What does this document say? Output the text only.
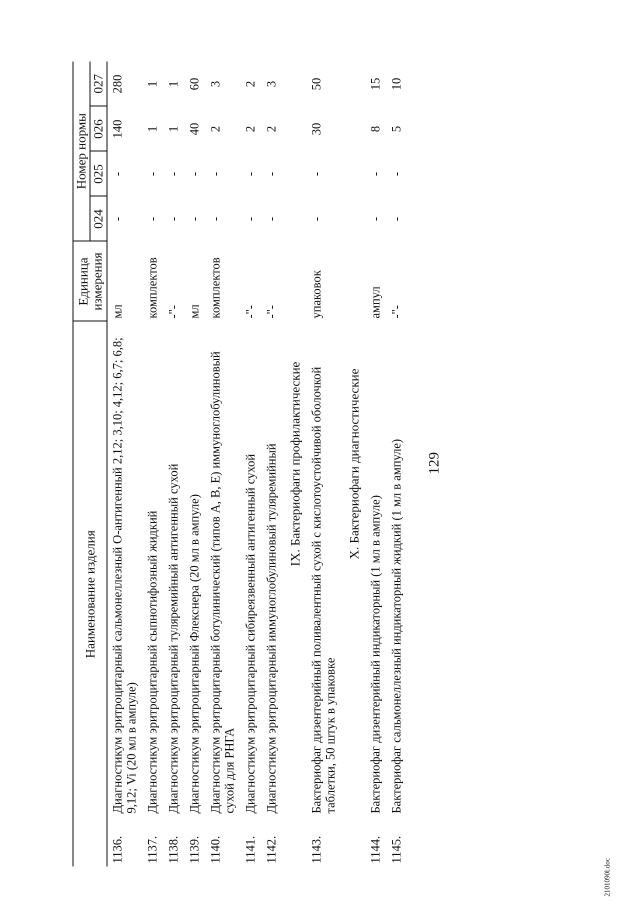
129
Наименование изделия		Единица измерения	Номер нормы			
			024	025	026	027
1136.	Диагностикум эритроцитарный сальмонеллезный О-антигенный 2,12; 3,10; 4,12; 6,7; 6,8; 9,12; Vi (20 мл в ампуле)	мл	-	-	140	280
1137.	Диагностикум эритроцитарный сыпнотифозный жидкий	комплектов	-	-	1	1
1138.	Диагностикум эритроцитарный туляремийный антигенный сухой	-"-	-	-	1	1
1139.	Диагностикум эритроцитарный Флекснера (20 мл в ампуле)	мл	-	-	40	60
1140.	Диагностикум эритроцитарный ботулинический (типов А, В, Е) иммуноглобулиновый сухой для РНГА	комплектов	-	-	2	3
1141.	Диагностикум эритроцитарный сибиреязвенный антигенный сухой	-"-	-	-	2	2
1142.	Диагностикум эритроцитарный иммуноглобулиновый туляремийный	-"-	-	-	2	3
IX. Бактериофаги профилактические						
1143.	Бактериофаг дизентерийный поливалентный сухой с кислотоустойчивой оболочкой таблетки, 50 штук в упаковке	упаковок	-	-	30	50
X. Бактериофаги диагностические						
1144.	Бактериофаг дизентерийный индикаторный (1 мл в ампуле)	ампул	-	-	8	15
1145.	Бактериофаг сальмонеллезный индикаторный жидкий (1 мл в ампуле)	-"-	-	-	5	10
2101090l.doc
